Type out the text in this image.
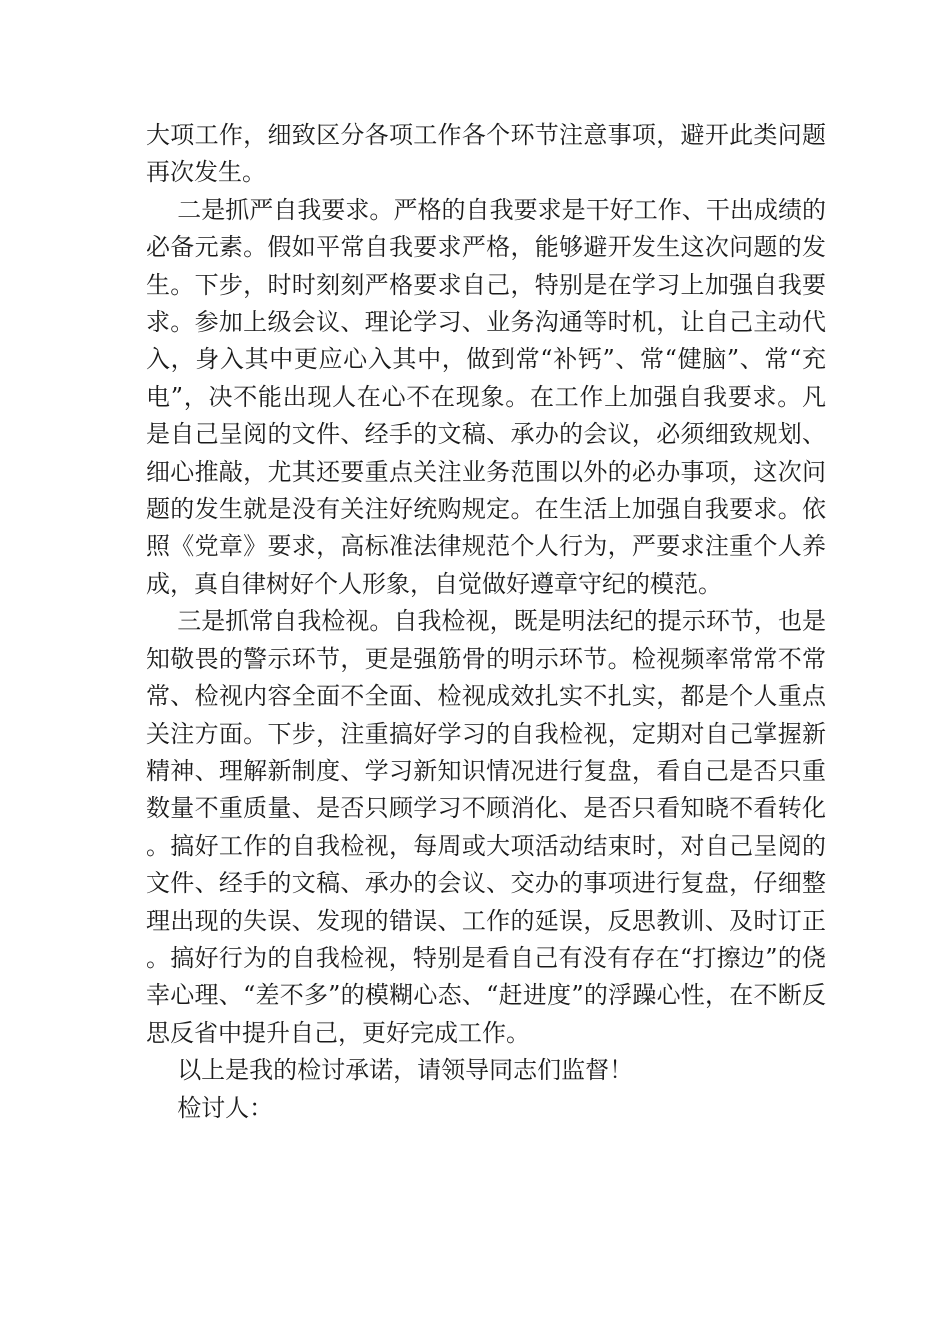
大项工作，细致区分各项工作各个环节注意事项，避开此类问题再次发生。

二是抓严自我要求。严格的自我要求是干好工作、干出成绩的必备元素。假如平常自我要求严格，能够避开发生这次问题的发生。下步，时时刻刻严格要求自己，特别是在学习上加强自我要求。参加上级会议、理论学习、业务沟通等时机，让自己主动代入，身入其中更应心入其中，做到常“补钙”、常“健脑”、常“充电”，决不能出现人在心不在现象。在工作上加强自我要求。凡是自己呈阅的文件、经手的文稿、承办的会议，必须细致规划、细心推敲，尤其还要重点关注业务范围以外的必办事项，这次问题的发生就是没有关注好统购规定。在生活上加强自我要求。依照《党章》要求，高标准法律规范个人行为，严要求注重个人养成，真自律树好个人形象，自觉做好遵章守纪的模范。

三是抓常自我检视。自我检视，既是明法纪的提示环节，也是知敬畏的警示环节，更是强筋骨的明示环节。检视频率常常不常常、检视内容全面不全面、检视成效扎实不扎实，都是个人重点关注方面。下步，注重搞好学习的自我检视，定期对自己掌握新精神、理解新制度、学习新知识情况进行复盘，看自己是否只重数量不重质量、是否只顾学习不顾消化、是否只看知晓不看转化。搞好工作的自我检视，每周或大项活动结束时，对自己呈阅的文件、经手的文稿、承办的会议、交办的事项进行复盘，仔细整理出现的失误、发现的错误、工作的延误，反思教训、及时订正。搞好行为的自我检视，特别是看自己有没有存在“打擦边”的侥幸心理、“差不多”的模糊心态、“赶进度”的浮躁心性，在不断反思反省中提升自己，更好完成工作。

以上是我的检讨承诺，请领导同志们监督！

检讨人：
